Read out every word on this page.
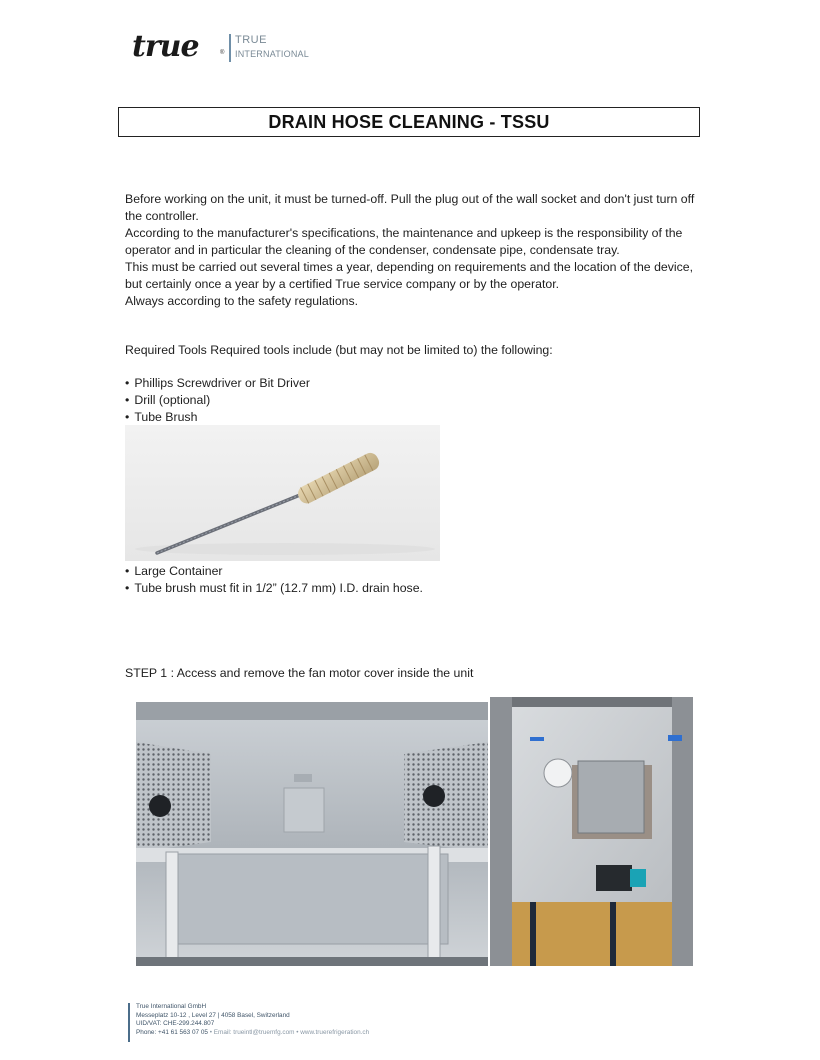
true	®
TRUE
INTERNATIONAL
DRAIN HOSE CLEANING - TSSU

Before working on the unit, it must be turned-off. Pull the plug out of the wall socket and don't just turn off the controller.

According to the manufacturer's specifications, the maintenance and upkeep is the responsibility of the operator and in particular the cleaning of the condenser, condensate pipe, condensate tray.

This must be carried out several times a year, depending on requirements and the location of the device, but certainly once a year by a certified True service company or by the operator.

Always according to the safety regulations.

Required Tools Required tools include (but may not be limited to) the following:
• Phillips Screwdriver or Bit Driver
• Drill (optional)
• Tube Brush
• Large Container
• Tube brush must fit in 1/2” (12.7 mm) I.D. drain hose.
STEP 1 : Access and remove the fan motor cover inside the unit
True International GmbH
Messeplatz 10-12 , Level 27 | 4058 Basel, Switzerland
UID/VAT: CHE-299.244.807
Phone: +41 61 563 07 05 • Email: trueintl@truemfg.com • www.truerefrigeration.ch
